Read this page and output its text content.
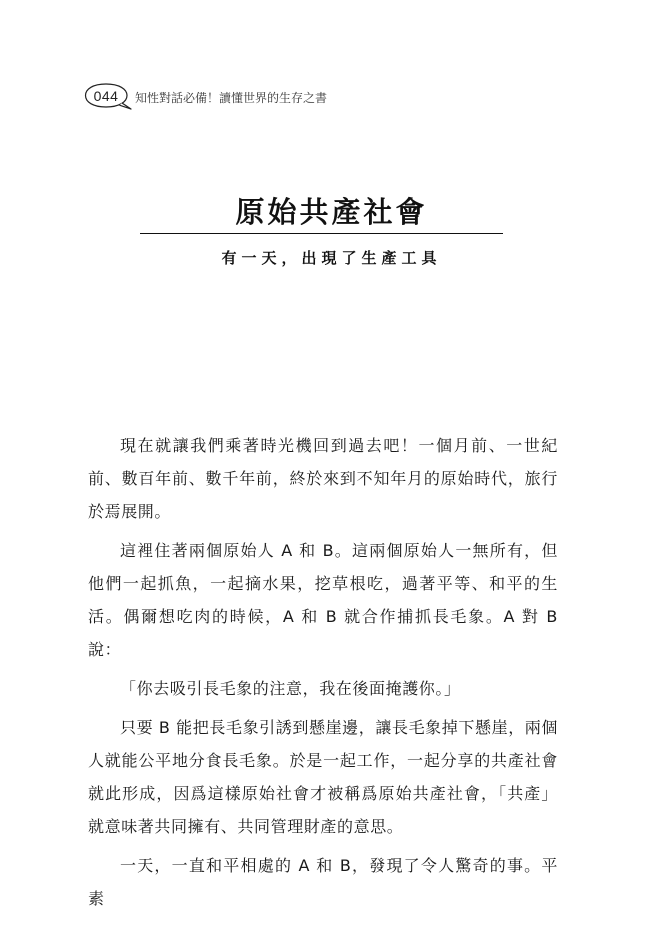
044	知性對話必備！讀懂世界的生存之書
原始共產社會
有一天，出現了生產工具

現在就讓我們乘著時光機回到過去吧！一個月前、一世紀前、數百年前、數千年前，終於來到不知年月的原始時代，旅行於焉展開。

這裡住著兩個原始人 A 和 B。這兩個原始人一無所有，但他們一起抓魚，一起摘水果，挖草根吃，過著平等、和平的生活。偶爾想吃肉的時候，A 和 B 就合作捕抓長毛象。A 對 B 說：

「你去吸引長毛象的注意，我在後面掩護你。」

只要 B 能把長毛象引誘到懸崖邊，讓長毛象掉下懸崖，兩個人就能公平地分食長毛象。於是一起工作，一起分享的共產社會就此形成，因爲這樣原始社會才被稱爲原始共產社會，「共產」就意味著共同擁有、共同管理財產的意思。

一天，一直和平相處的 A 和 B，發現了令人驚奇的事。平素
